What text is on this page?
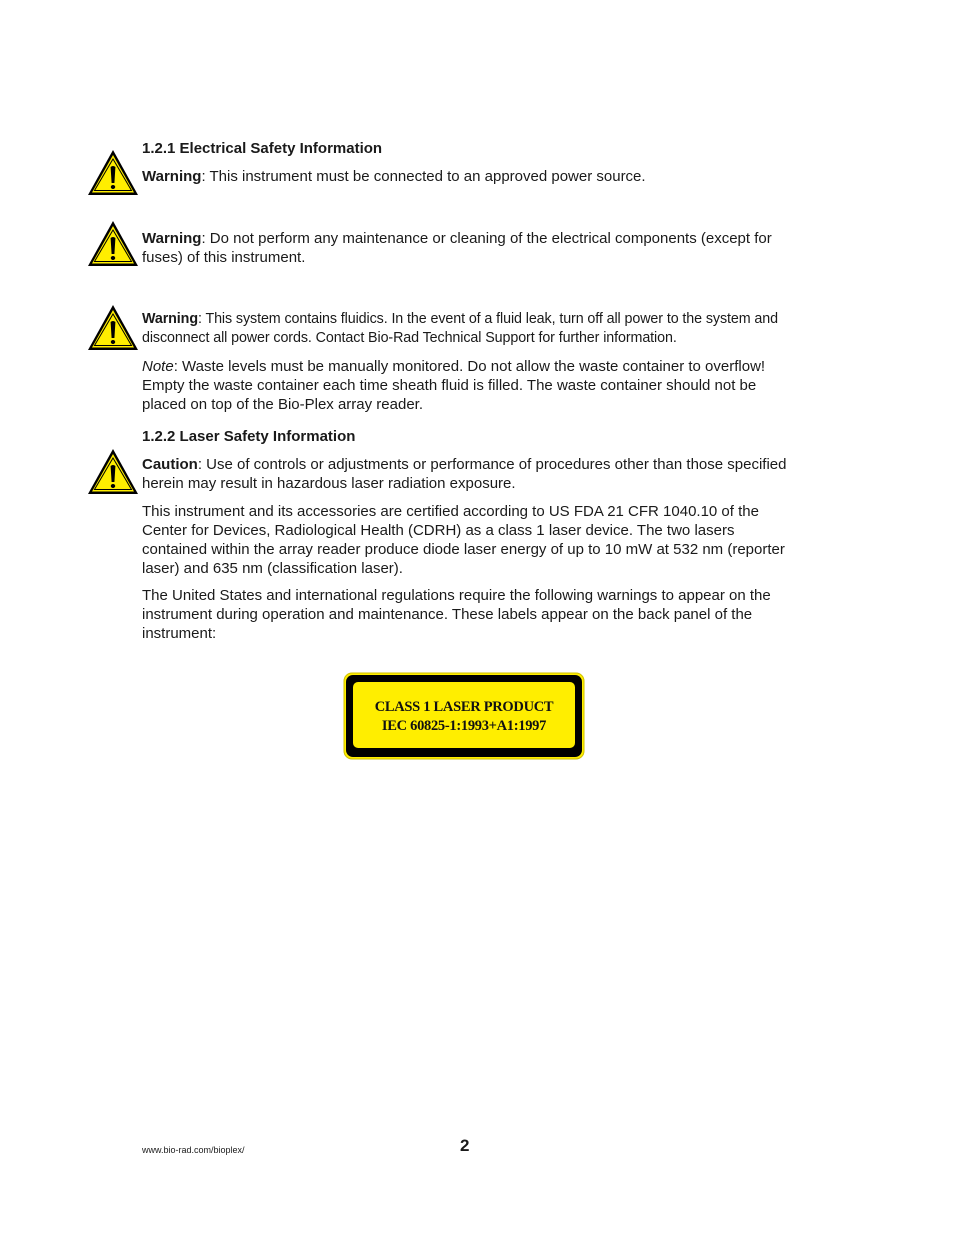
1.2.1 Electrical Safety Information

Warning: This instrument must be connected to an approved power source.

Warning: Do not perform any maintenance or cleaning of the electrical components (except for fuses) of this instrument.

Warning: This system contains fluidics. In the event of a fluid leak, turn off all power to the system and disconnect all power cords. Contact Bio-Rad Technical Support for further information.

Note: Waste levels must be manually monitored. Do not allow the waste container to overflow! Empty the waste container each time sheath fluid is filled. The waste container should not be placed on top of the Bio-Plex array reader.

1.2.2 Laser Safety Information

Caution: Use of controls or adjustments or performance of procedures other than those specified herein may result in hazardous laser radiation exposure.

This instrument and its accessories are certified according to US FDA 21 CFR 1040.10 of the Center for Devices, Radiological Health (CDRH) as a class 1 laser device. The two lasers contained within the array reader produce diode laser energy of up to 10 mW at 532 nm (reporter laser) and 635 nm (classification laser).

The United States and international regulations require the following warnings to appear on the instrument during operation and maintenance. These labels appear on the back panel of the instrument:

CLASS 1 LASER PRODUCT
IEC 60825-1:1993+A1:1997
www.bio-rad.com/bioplex/	2
